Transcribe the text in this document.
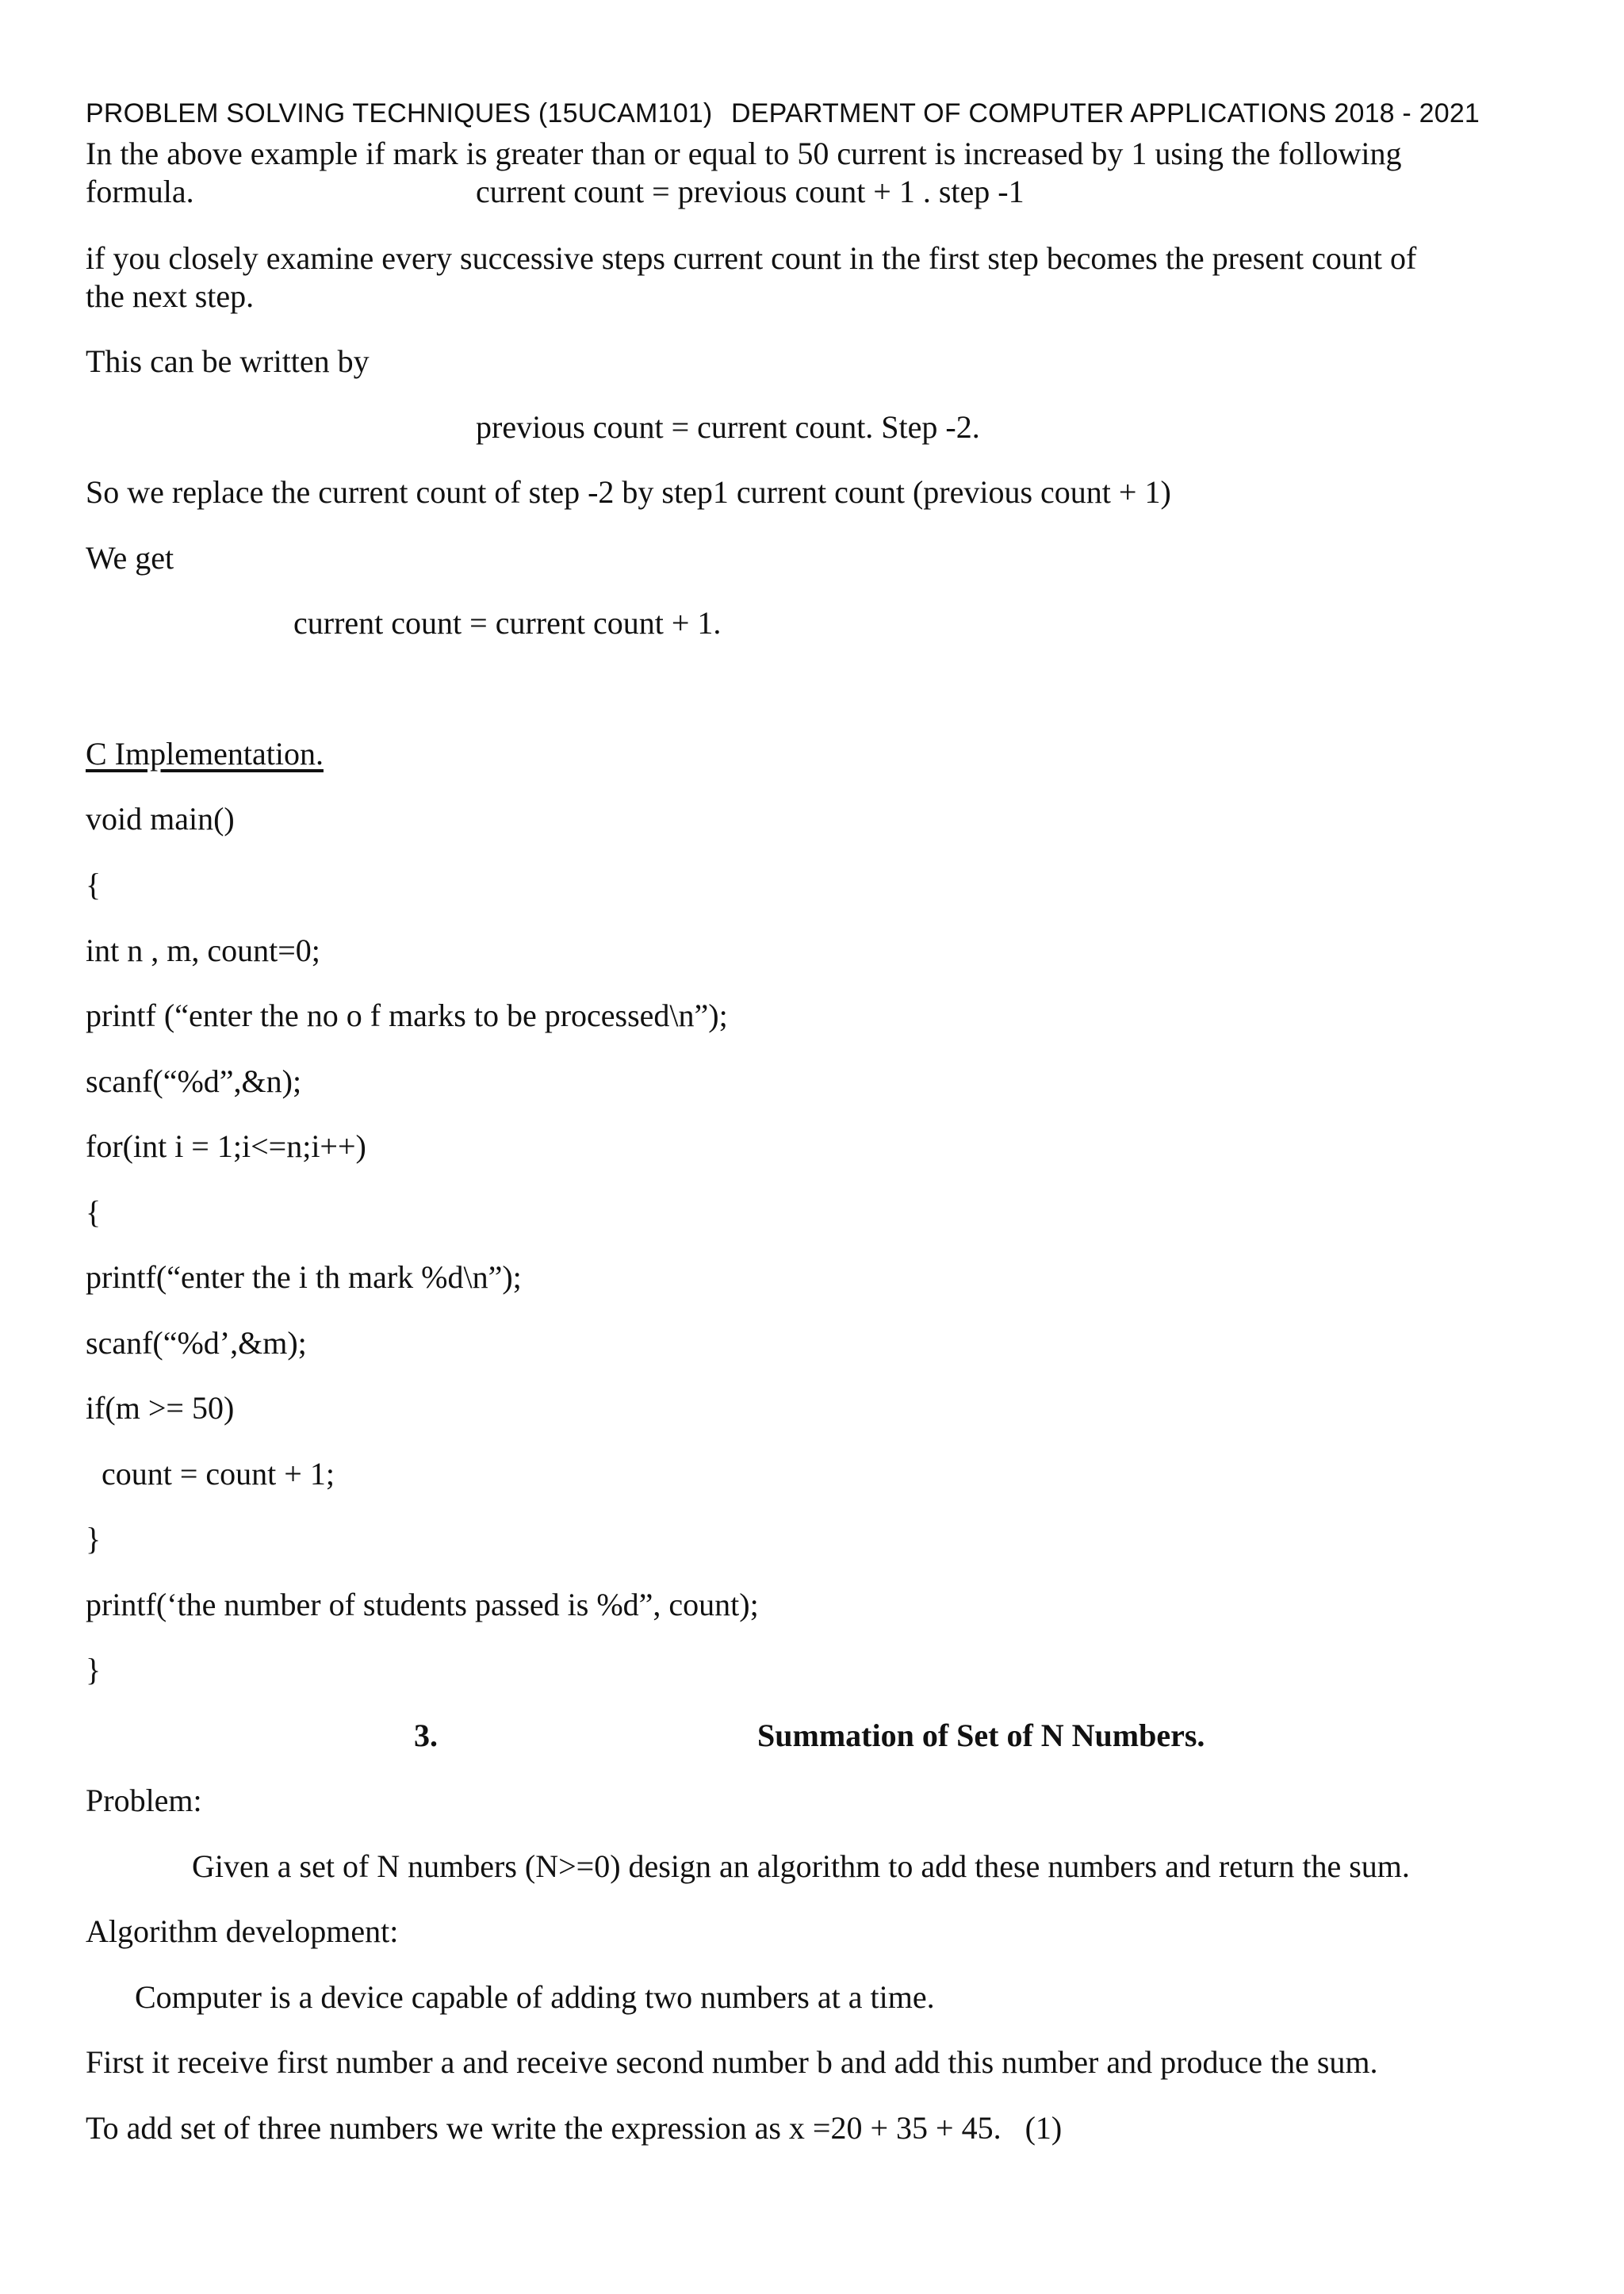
PROBLEM SOLVING TECHNIQUES (15UCAM101) DEPARTMENT OF COMPUTER APPLICATIONS 2018 - 2021
In the above example if mark is greater than or equal to 50 current is increased by 1 using the following
formula.	current count = previous count + 1 . step -1
if you closely examine every successive steps current count in the first step becomes the present count of
the next step.
This can be written by
previous count = current count. Step -2.
So we replace the current count of step -2 by step1 current count (previous count + 1)
We get
current count = current count + 1.
C Implementation.
void main()
{
int n , m, count=0;
printf (“enter the no o f marks to be processed\n”);
scanf(“%d”,&n);
for(int i = 1;i<=n;i++)
{
printf(“enter the i th mark %d\n”);
scanf(“%d’,&m);
if(m >= 50)
count = count + 1;
}
printf(‘the number of students passed is %d”, count);
}
3.	Summation of Set of N Numbers.
Problem:
Given a set of N numbers (N>=0) design an algorithm to add these numbers and return the sum.
Algorithm development:
Computer is a device capable of adding two numbers at a time.
First it receive first number a and receive second number b and add this number and produce the sum.
To add set of three numbers we write the expression as x =20 + 35 + 45.   (1)
